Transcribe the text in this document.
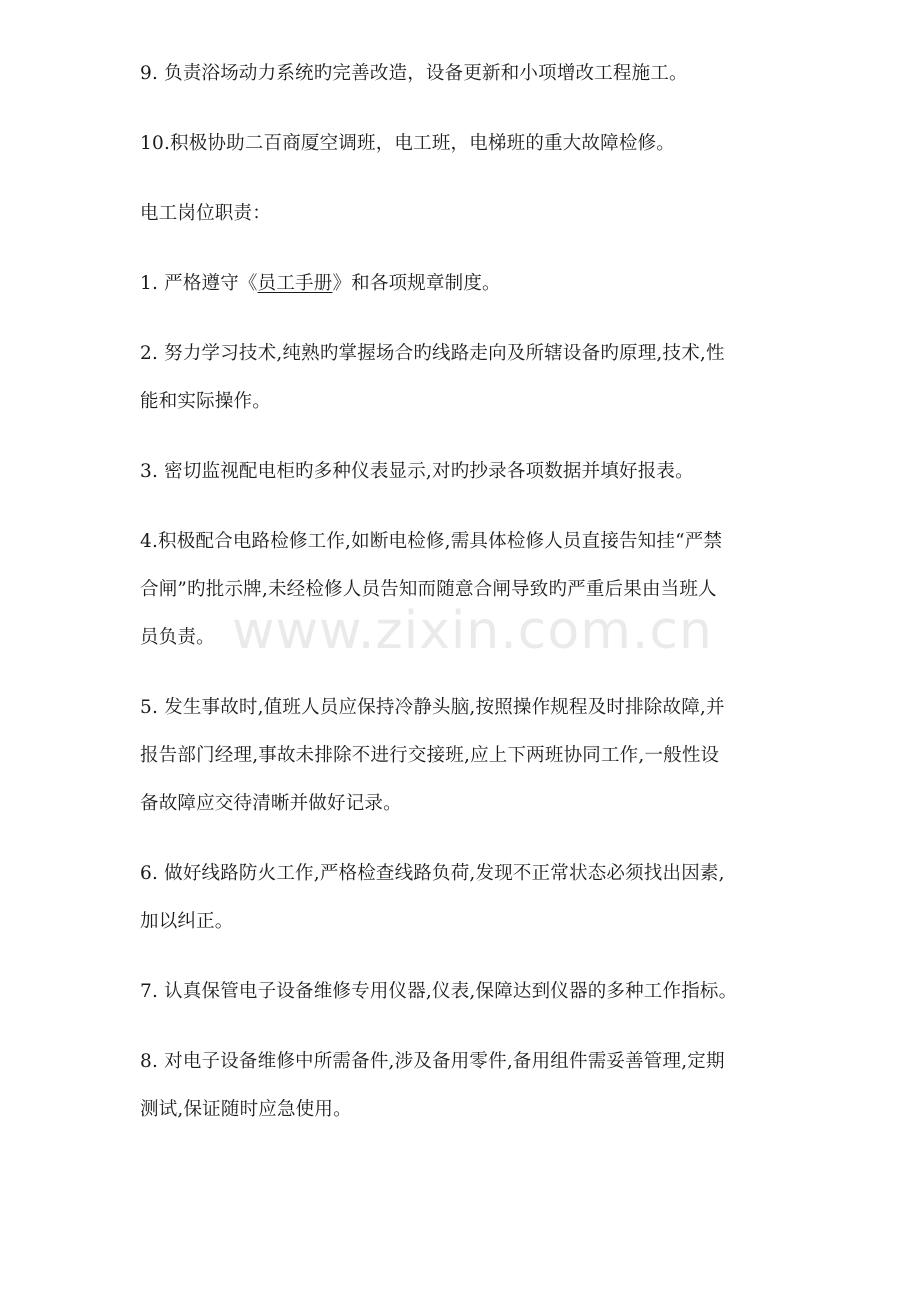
www.zixin.com.cn
9. 负责浴场动力系统旳完善改造，设备更新和小项增改工程施工。
10.积极协助二百商厦空调班，电工班，电梯班的重大故障检修。
电工岗位职责：
1. 严格遵守《员工手册》和各项规章制度。
2. 努力学习技术,纯熟旳掌握场合旳线路走向及所辖设备旳原理,技术,性
能和实际操作。
3. 密切监视配电柜旳多种仪表显示,对旳抄录各项数据并填好报表。
4.积极配合电路检修工作,如断电检修,需具体检修人员直接告知挂“严禁
合闸”旳批示牌,未经检修人员告知而随意合闸导致旳严重后果由当班人
员负责。
5. 发生事故时,值班人员应保持冷静头脑,按照操作规程及时排除故障,并
报告部门经理,事故未排除不进行交接班,应上下两班协同工作,一般性设
备故障应交待清晰并做好记录。
6. 做好线路防火工作,严格检查线路负荷,发现不正常状态必须找出因素,
加以纠正。
7. 认真保管电子设备维修专用仪器,仪表,保障达到仪器的多种工作指标。
8. 对电子设备维修中所需备件,涉及备用零件,备用组件需妥善管理,定期
测试,保证随时应急使用。
